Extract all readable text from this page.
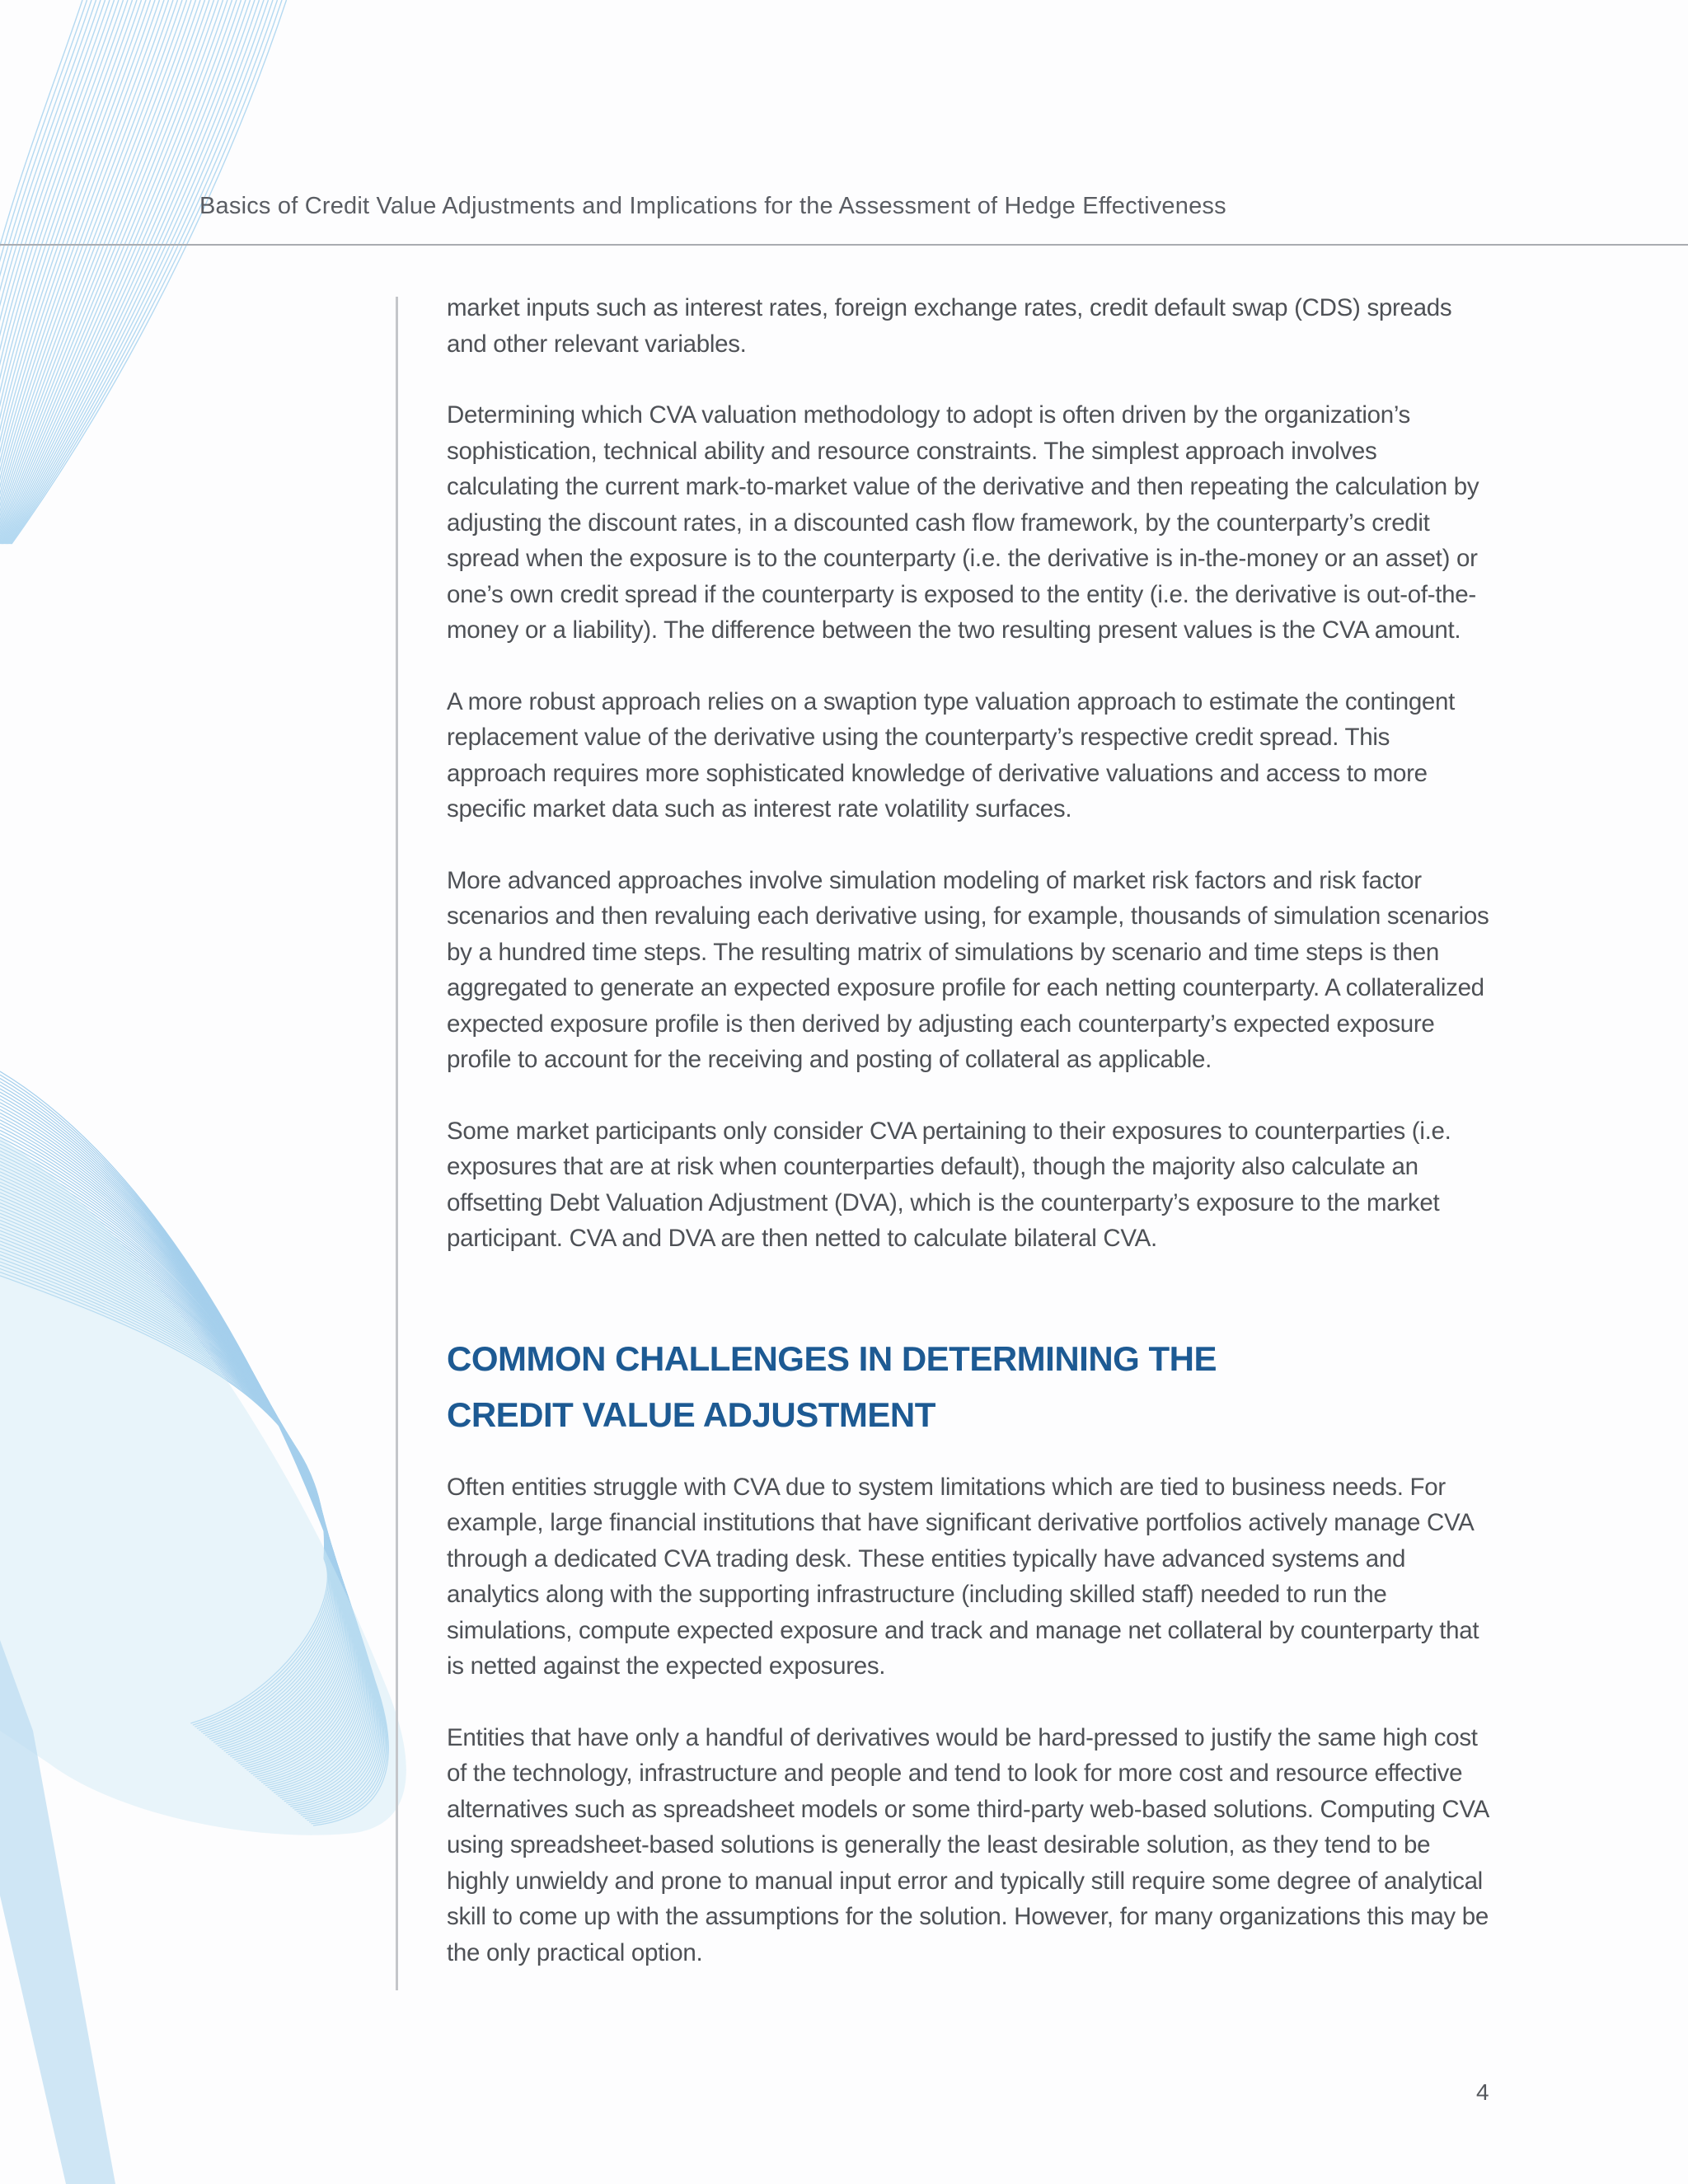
Basics of Credit Value Adjustments and Implications for the Assessment of Hedge Effectiveness

market inputs such as interest rates, foreign exchange rates, credit default swap (CDS) spreads and other relevant variables.

Determining which CVA valuation methodology to adopt is often driven by the organization’s sophistication, technical ability and resource constraints. The simplest approach involves calculating the current mark-to-market value of the derivative and then repeating the calculation by adjusting the discount rates, in a discounted cash flow framework, by the counterparty’s credit spread when the exposure is to the counterparty (i.e. the derivative is in-the-money or an asset) or one’s own credit spread if the counterparty is exposed to the entity (i.e. the derivative is out-of-the-money or a liability). The difference between the two resulting present values is the CVA amount.

A more robust approach relies on a swaption type valuation approach to estimate the contingent replacement value of the derivative using the counterparty’s respective credit spread. This approach requires more sophisticated knowledge of derivative valuations and access to more specific market data such as interest rate volatility surfaces.

More advanced approaches involve simulation modeling of market risk factors and risk factor scenarios and then revaluing each derivative using, for example, thousands of simulation scenarios by a hundred time steps. The resulting matrix of simulations by scenario and time steps is then aggregated to generate an expected exposure profile for each netting counterparty. A collateralized expected exposure profile is then derived by adjusting each counterparty’s expected exposure profile to account for the receiving and posting of collateral as applicable.

Some market participants only consider CVA pertaining to their exposures to counterparties (i.e. exposures that are at risk when counterparties default), though the majority also calculate an offsetting Debt Valuation Adjustment (DVA), which is the counterparty’s exposure to the market participant. CVA and DVA are then netted to calculate bilateral CVA.

COMMON CHALLENGES IN DETERMINING THE
CREDIT VALUE ADJUSTMENT

Often entities struggle with CVA due to system limitations which are tied to business needs. For example, large financial institutions that have significant derivative portfolios actively manage CVA through a dedicated CVA trading desk. These entities typically have advanced systems and analytics along with the supporting infrastructure (including skilled staff) needed to run the simulations, compute expected exposure and track and manage net collateral by counterparty that is netted against the expected exposures.

Entities that have only a handful of derivatives would be hard-pressed to justify the same high cost of the technology, infrastructure and people and tend to look for more cost and resource effective alternatives such as spreadsheet models or some third-party web-based solutions. Computing CVA using spreadsheet-based solutions is generally the least desirable solution, as they tend to be highly unwieldy and prone to manual input error and typically still require some degree of analytical skill to come up with the assumptions for the solution. However, for many organizations this may be the only practical option.

4
